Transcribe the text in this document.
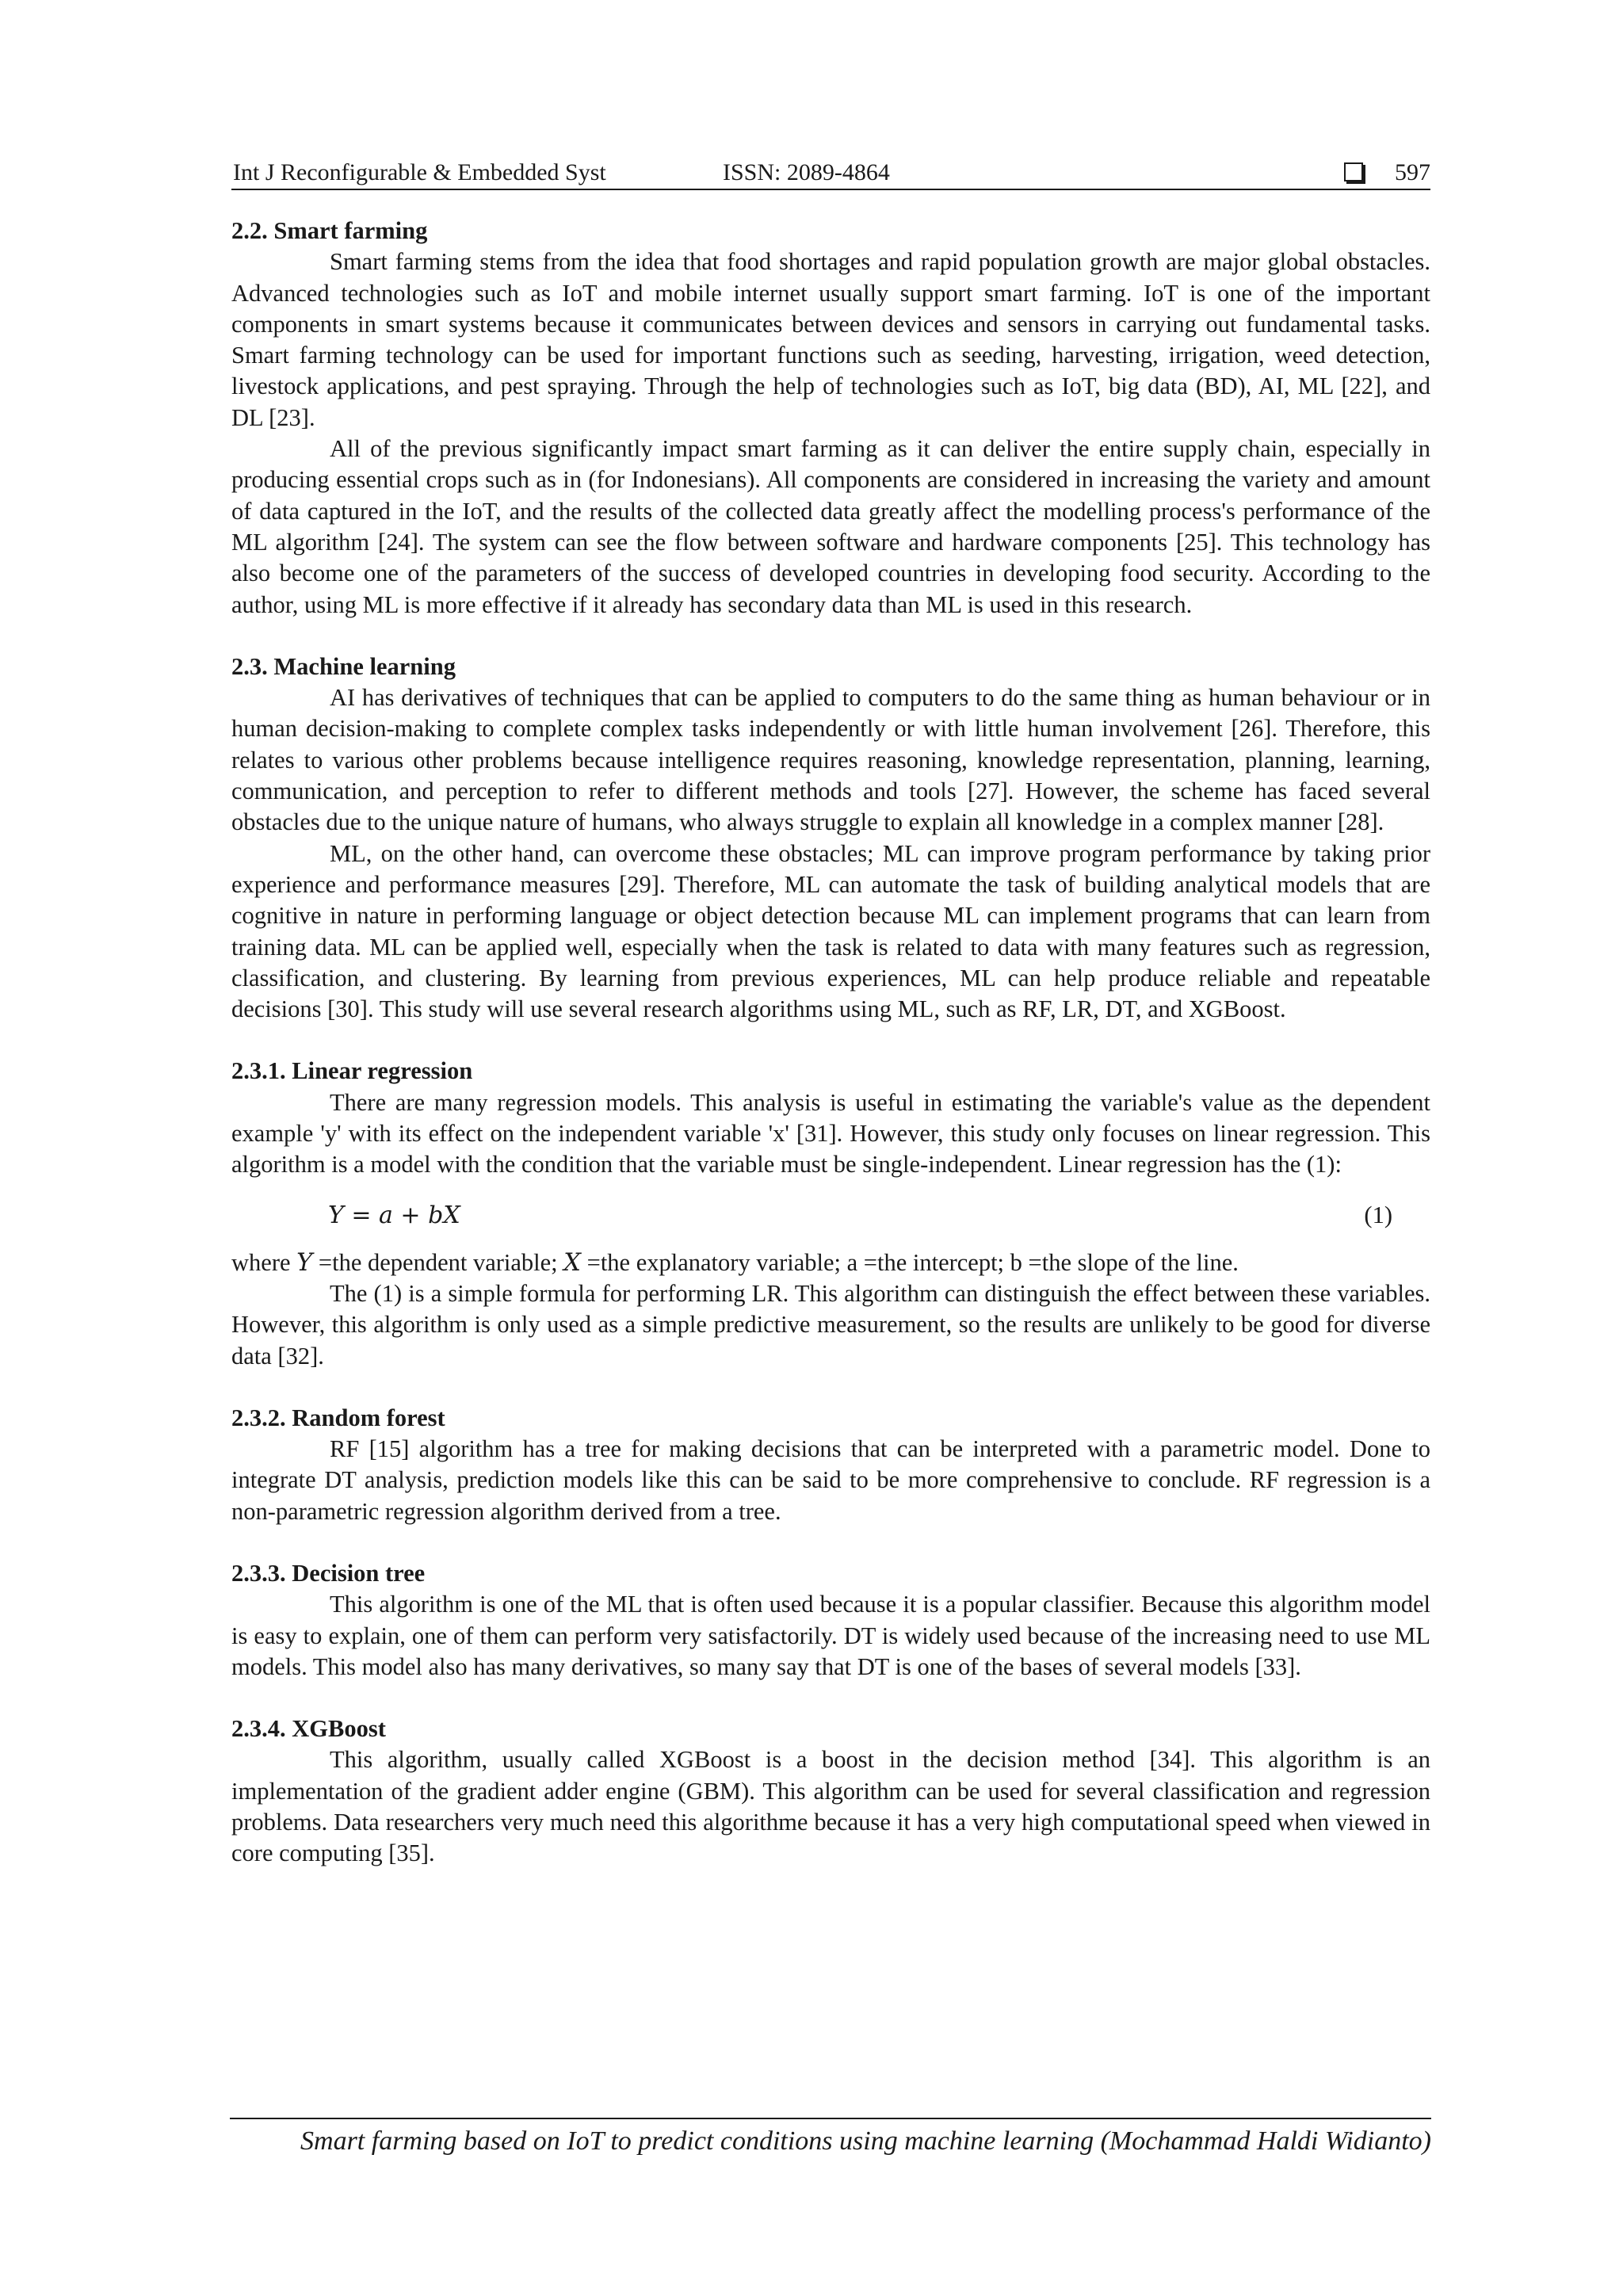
Int J Reconfigurable & Embedded Syst	ISSN: 2089-4864	597
2.2. Smart farming

Smart farming stems from the idea that food shortages and rapid population growth are major global obstacles. Advanced technologies such as IoT and mobile internet usually support smart farming. IoT is one of the important components in smart systems because it communicates between devices and sensors in carrying out fundamental tasks. Smart farming technology can be used for important functions such as seeding, harvesting, irrigation, weed detection, livestock applications, and pest spraying. Through the help of technologies such as IoT, big data (BD), AI, ML [22], and DL [23].

All of the previous significantly impact smart farming as it can deliver the entire supply chain, especially in producing essential crops such as in (for Indonesians). All components are considered in increasing the variety and amount of data captured in the IoT, and the results of the collected data greatly affect the modelling process's performance of the ML algorithm [24]. The system can see the flow between software and hardware components [25]. This technology has also become one of the parameters of the success of developed countries in developing food security. According to the author, using ML is more effective if it already has secondary data than ML is used in this research.

2.3. Machine learning

AI has derivatives of techniques that can be applied to computers to do the same thing as human behaviour or in human decision-making to complete complex tasks independently or with little human involvement [26]. Therefore, this relates to various other problems because intelligence requires reasoning, knowledge representation, planning, learning, communication, and perception to refer to different methods and tools [27]. However, the scheme has faced several obstacles due to the unique nature of humans, who always struggle to explain all knowledge in a complex manner [28].

ML, on the other hand, can overcome these obstacles; ML can improve program performance by taking prior experience and performance measures [29]. Therefore, ML can automate the task of building analytical models that are cognitive in nature in performing language or object detection because ML can implement programs that can learn from training data. ML can be applied well, especially when the task is related to data with many features such as regression, classification, and clustering. By learning from previous experiences, ML can help produce reliable and repeatable decisions [30]. This study will use several research algorithms using ML, such as RF, LR, DT, and XGBoost.

2.3.1. Linear regression

There are many regression models. This analysis is useful in estimating the variable's value as the dependent example 'y' with its effect on the independent variable 'x' [31]. However, this study only focuses on linear regression. This algorithm is a model with the condition that the variable must be single-independent. Linear regression has the (1):

Y = a + bX	(1)

where Y =the dependent variable; X =the explanatory variable; a =the intercept; b =the slope of the line.

The (1) is a simple formula for performing LR. This algorithm can distinguish the effect between these variables. However, this algorithm is only used as a simple predictive measurement, so the results are unlikely to be good for diverse data [32].

2.3.2. Random forest

RF [15] algorithm has a tree for making decisions that can be interpreted with a parametric model. Done to integrate DT analysis, prediction models like this can be said to be more comprehensive to conclude. RF regression is a non-parametric regression algorithm derived from a tree.

2.3.3. Decision tree

This algorithm is one of the ML that is often used because it is a popular classifier. Because this algorithm model is easy to explain, one of them can perform very satisfactorily. DT is widely used because of the increasing need to use ML models. This model also has many derivatives, so many say that DT is one of the bases of several models [33].

2.3.4. XGBoost

This algorithm, usually called XGBoost is a boost in the decision method [34]. This algorithm is an implementation of the gradient adder engine (GBM). This algorithm can be used for several classification and regression problems. Data researchers very much need this algorithme because it has a very high computational speed when viewed in core computing [35].

Smart farming based on IoT to predict conditions using machine learning (Mochammad Haldi Widianto)
